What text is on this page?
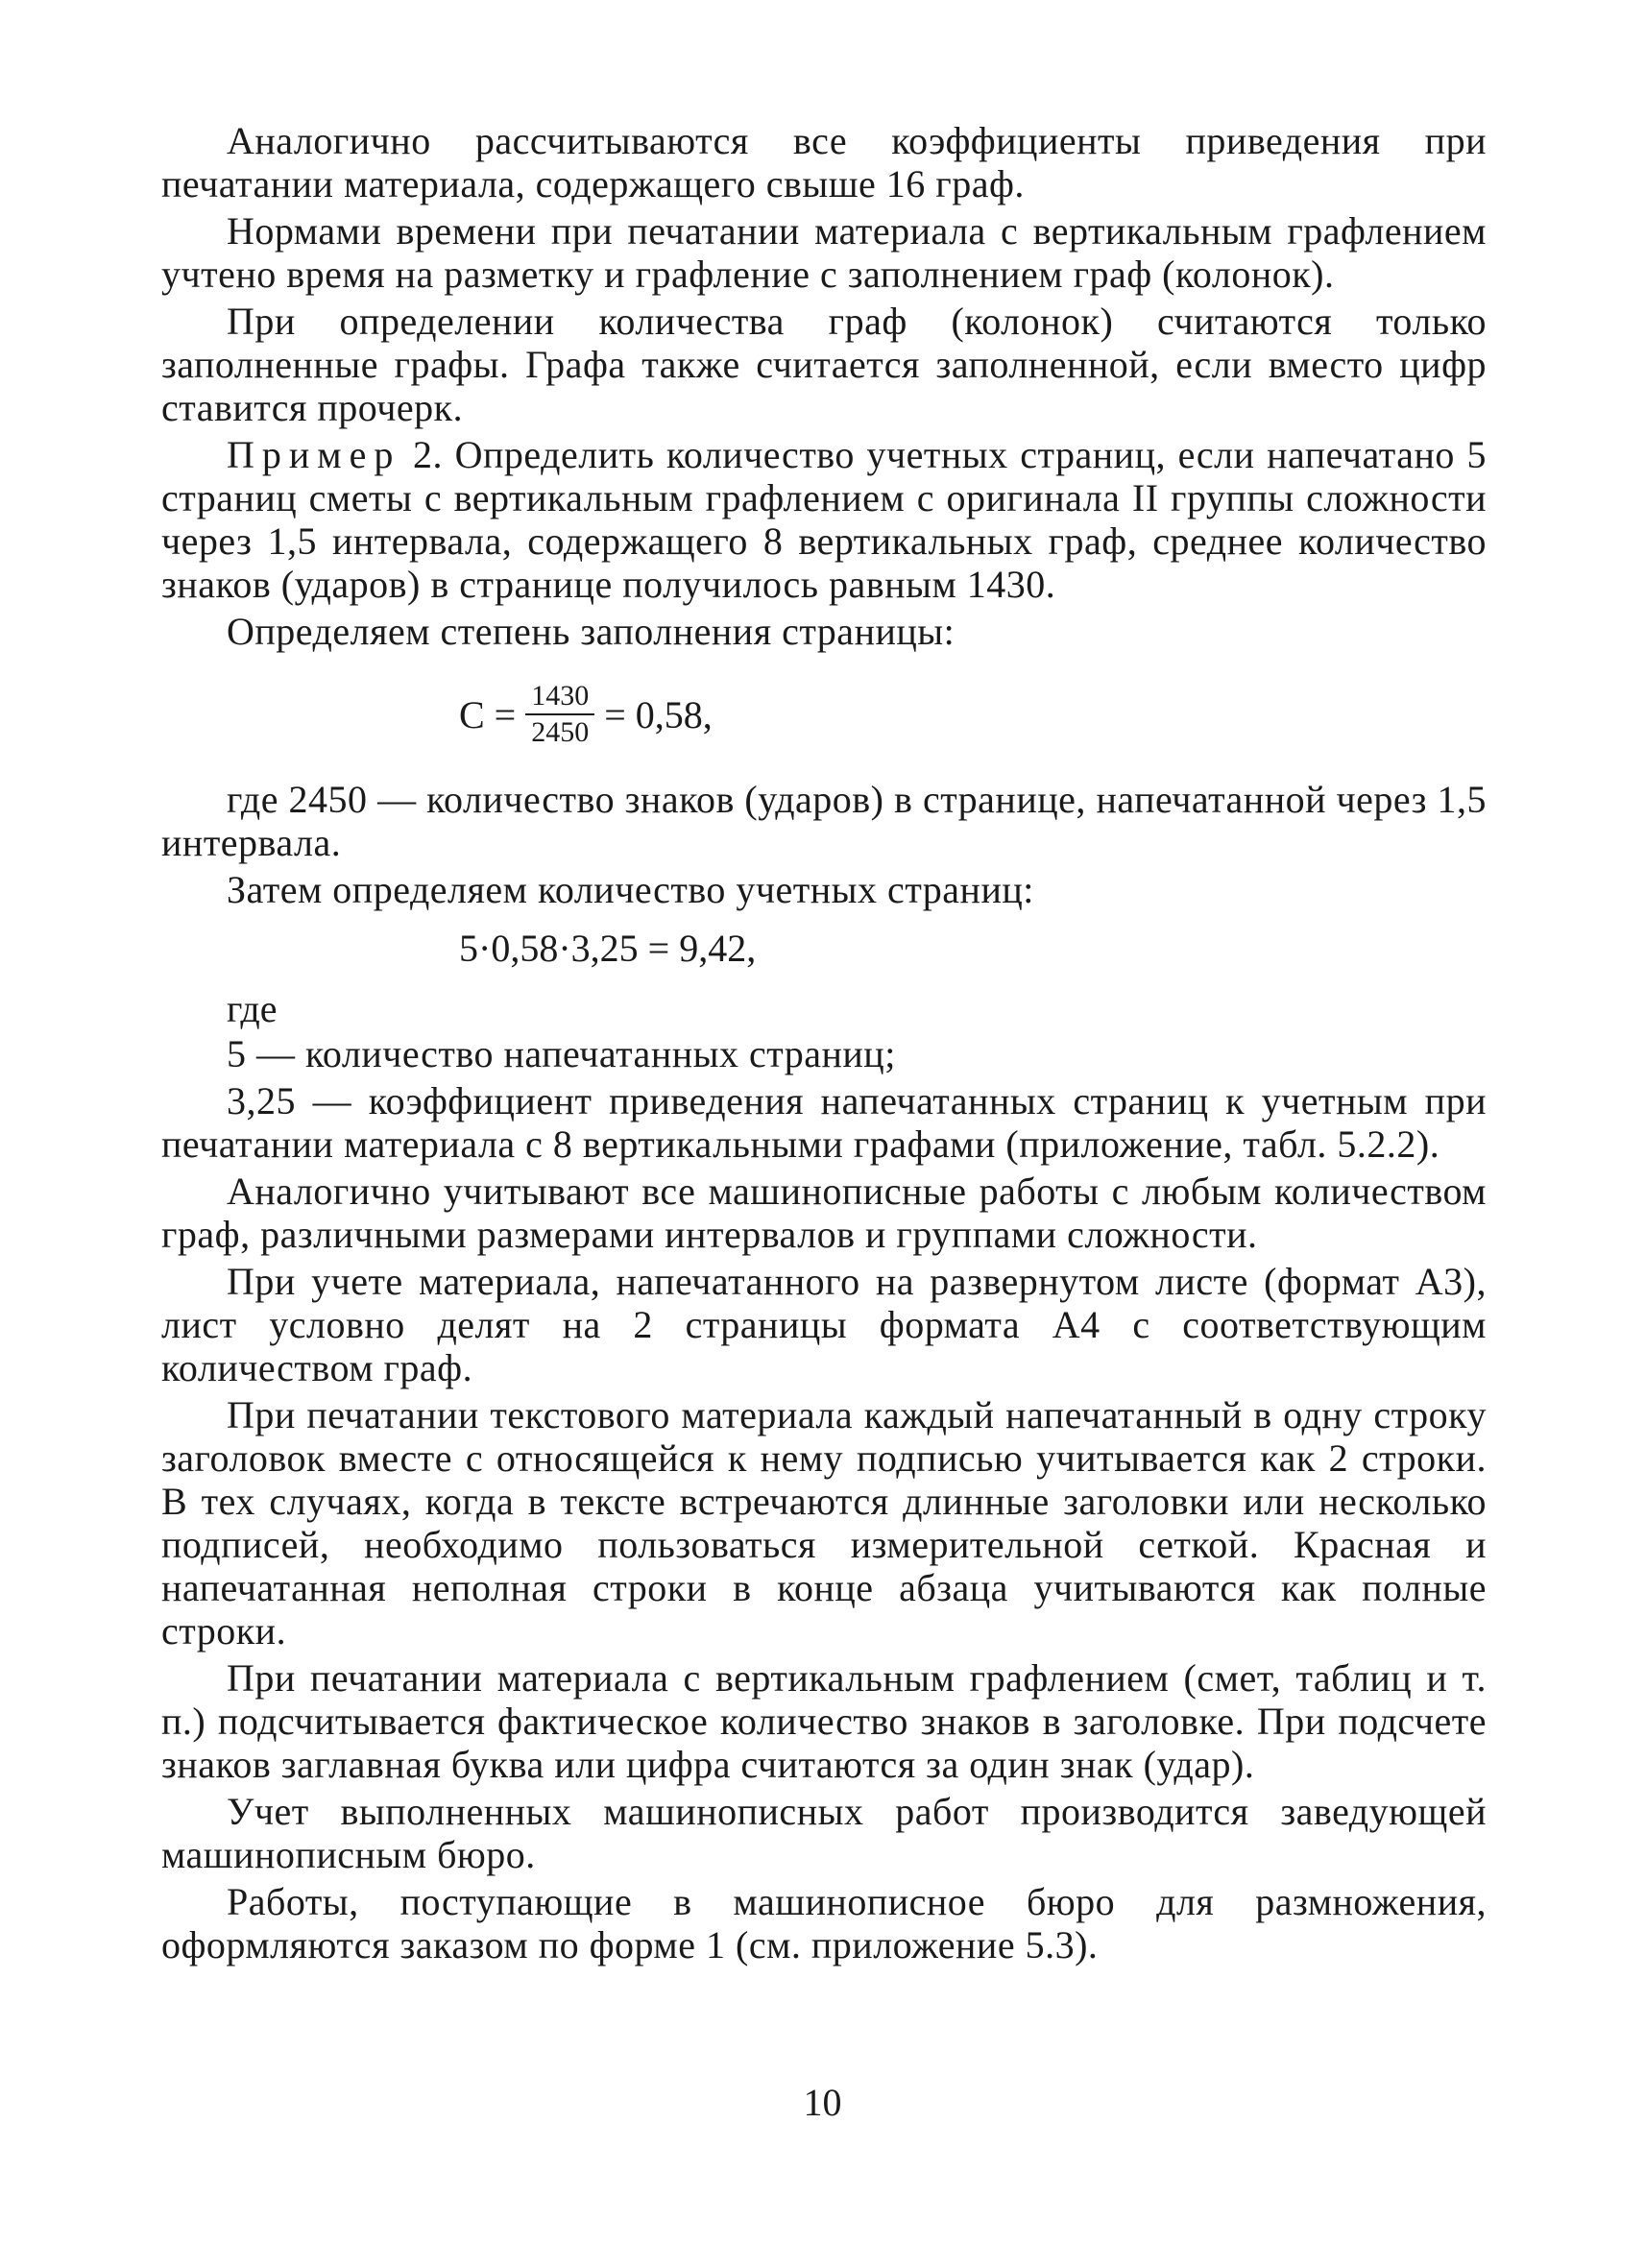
Аналогично рассчитываются все коэффициенты приведения при печатании материала, содержащего свыше 16 граф.

Нормами времени при печатании материала с вертикальным графлением учтено время на разметку и графление с заполнением граф (колонок).

При определении количества граф (колонок) считаются только заполненные графы. Графа также считается заполненной, если вместо цифр ставится прочерк.

Пример 2. Определить количество учетных страниц, если напечатано 5 страниц сметы с вертикальным графлением с оригинала II группы сложности через 1,5 интервала, содержащего 8 вертикальных граф, среднее количество знаков (ударов) в странице получилось равным 1430.

Определяем степень заполнения страницы:

$С = \frac{1430}{2450} = 0,58$,

где 2450 — количество знаков (ударов) в странице, напечатанной через 1,5 интервала.

Затем определяем количество учетных страниц:

5·0,58·3,25 = 9,42,

где

5 — количество напечатанных страниц;

3,25 — коэффициент приведения напечатанных страниц к учетным при печатании материала с 8 вертикальными графами (приложение, табл. 5.2.2).

Аналогично учитывают все машинописные работы с любым количеством граф, различными размерами интервалов и группами сложности.

При учете материала, напечатанного на развернутом листе (формат А3), лист условно делят на 2 страницы формата А4 с соответствующим количеством граф.

При печатании текстового материала каждый напечатанный в одну строку заголовок вместе с относящейся к нему подписью учитывается как 2 строки. В тех случаях, когда в тексте встречаются длинные заголовки или несколько подписей, необходимо пользоваться измерительной сеткой. Красная и напечатанная неполная строки в конце абзаца учитываются как полные строки.

При печатании материала с вертикальным графлением (смет, таблиц и т. п.) подсчитывается фактическое количество знаков в заголовке. При подсчете знаков заглавная буква или цифра считаются за один знак (удар).

Учет выполненных машинописных работ производится заведующей машинописным бюро.

Работы, поступающие в машинописное бюро для размножения, оформляются заказом по форме 1 (см. приложение 5.3).

10
